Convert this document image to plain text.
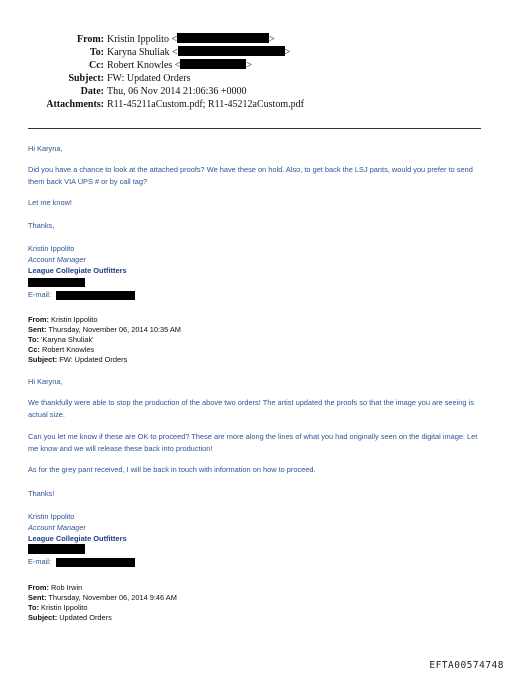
From: Kristin Ippolito <	>
To: Karyna Shuliak <	>
Cc: Robert Knowles <	>
Subject: FW: Updated Orders
Date: Thu, 06 Nov 2014 21:06:36 +0000
Attachments: R11-45211aCustom.pdf; R11-45212aCustom.pdf
Hi Karyna,
Did you have a chance to look at the attached proofs? We have these on hold. Also, to get back the LSJ pants, would you prefer to send them back VIA UPS # or by call tag?
Let me know!
Thanks,
Kristin Ippolito
Account Manager
League Collegiate Outfitters
E-mail:
From: Kristin Ippolito
Sent: Thursday, November 06, 2014 10:35 AM
To: 'Karyna Shuliak'
Cc: Robert Knowles
Subject: FW: Updated Orders
Hi Karyna,
We thankfully were able to stop the production of the above two orders! The artist updated the proofs so that the image you are seeing is actual size.
Can you let me know if these are OK to proceed? These are more along the lines of what you had originally seen on the digital image. Let me know and we will release these back into production!
As for the grey pant received, I will be back in touch with information on how to proceed.
Thanks!
Kristin Ippolito
Account Manager
League Collegiate Outfitters
E-mail:
From: Rob Irwin
Sent: Thursday, November 06, 2014 9:46 AM
To: Kristin Ippolito
Subject: Updated Orders
EFTA00574748
